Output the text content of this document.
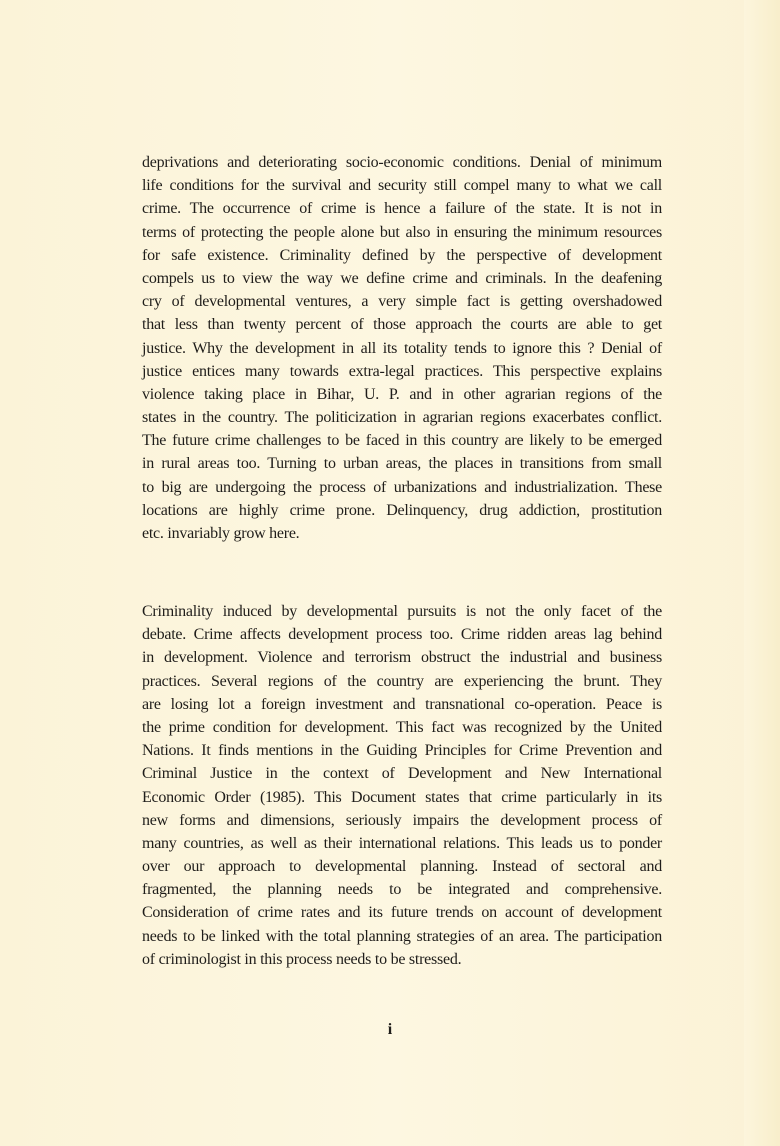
deprivations and deteriorating socio-economic conditions. Denial of minimum
life conditions for the survival and security still compel many to what we call
crime. The occurrence of crime is hence a failure of the state. It is not in
terms of protecting the people alone but also in ensuring the minimum resources
for safe existence. Criminality defined by the perspective of development
compels us to view the way we define crime and criminals. In the deafening
cry of developmental ventures, a very simple fact is getting overshadowed
that less than twenty percent of those approach the courts are able to get
justice. Why the development in all its totality tends to ignore this ? Denial of
justice entices many towards extra-legal practices. This perspective explains
violence taking place in Bihar, U. P. and in other agrarian regions of the
states in the country. The politicization in agrarian regions exacerbates conflict.
The future crime challenges to be faced in this country are likely to be emerged
in rural areas too. Turning to urban areas, the places in transitions from small
to big are undergoing the process of urbanizations and industrialization. These
locations are highly crime prone. Delinquency, drug addiction, prostitution
etc. invariably grow here.
Criminality induced by developmental pursuits is not the only facet of the
debate. Crime affects development process too. Crime ridden areas lag behind
in development. Violence and terrorism obstruct the industrial and business
practices. Several regions of the country are experiencing the brunt. They
are losing lot a foreign investment and transnational co-operation. Peace is
the prime condition for development. This fact was recognized by the United
Nations. It finds mentions in the Guiding Principles for Crime Prevention and
Criminal Justice in the context of Development and New International
Economic Order (1985). This Document states that crime particularly in its
new forms and dimensions, seriously impairs the development process of
many countries, as well as their international relations. This leads us to ponder
over our approach to developmental planning. Instead of sectoral and
fragmented, the planning needs to be integrated and comprehensive.
Consideration of crime rates and its future trends on account of development
needs to be linked with the total planning strategies of an area. The participation
of criminologist in this process needs to be stressed.
i
